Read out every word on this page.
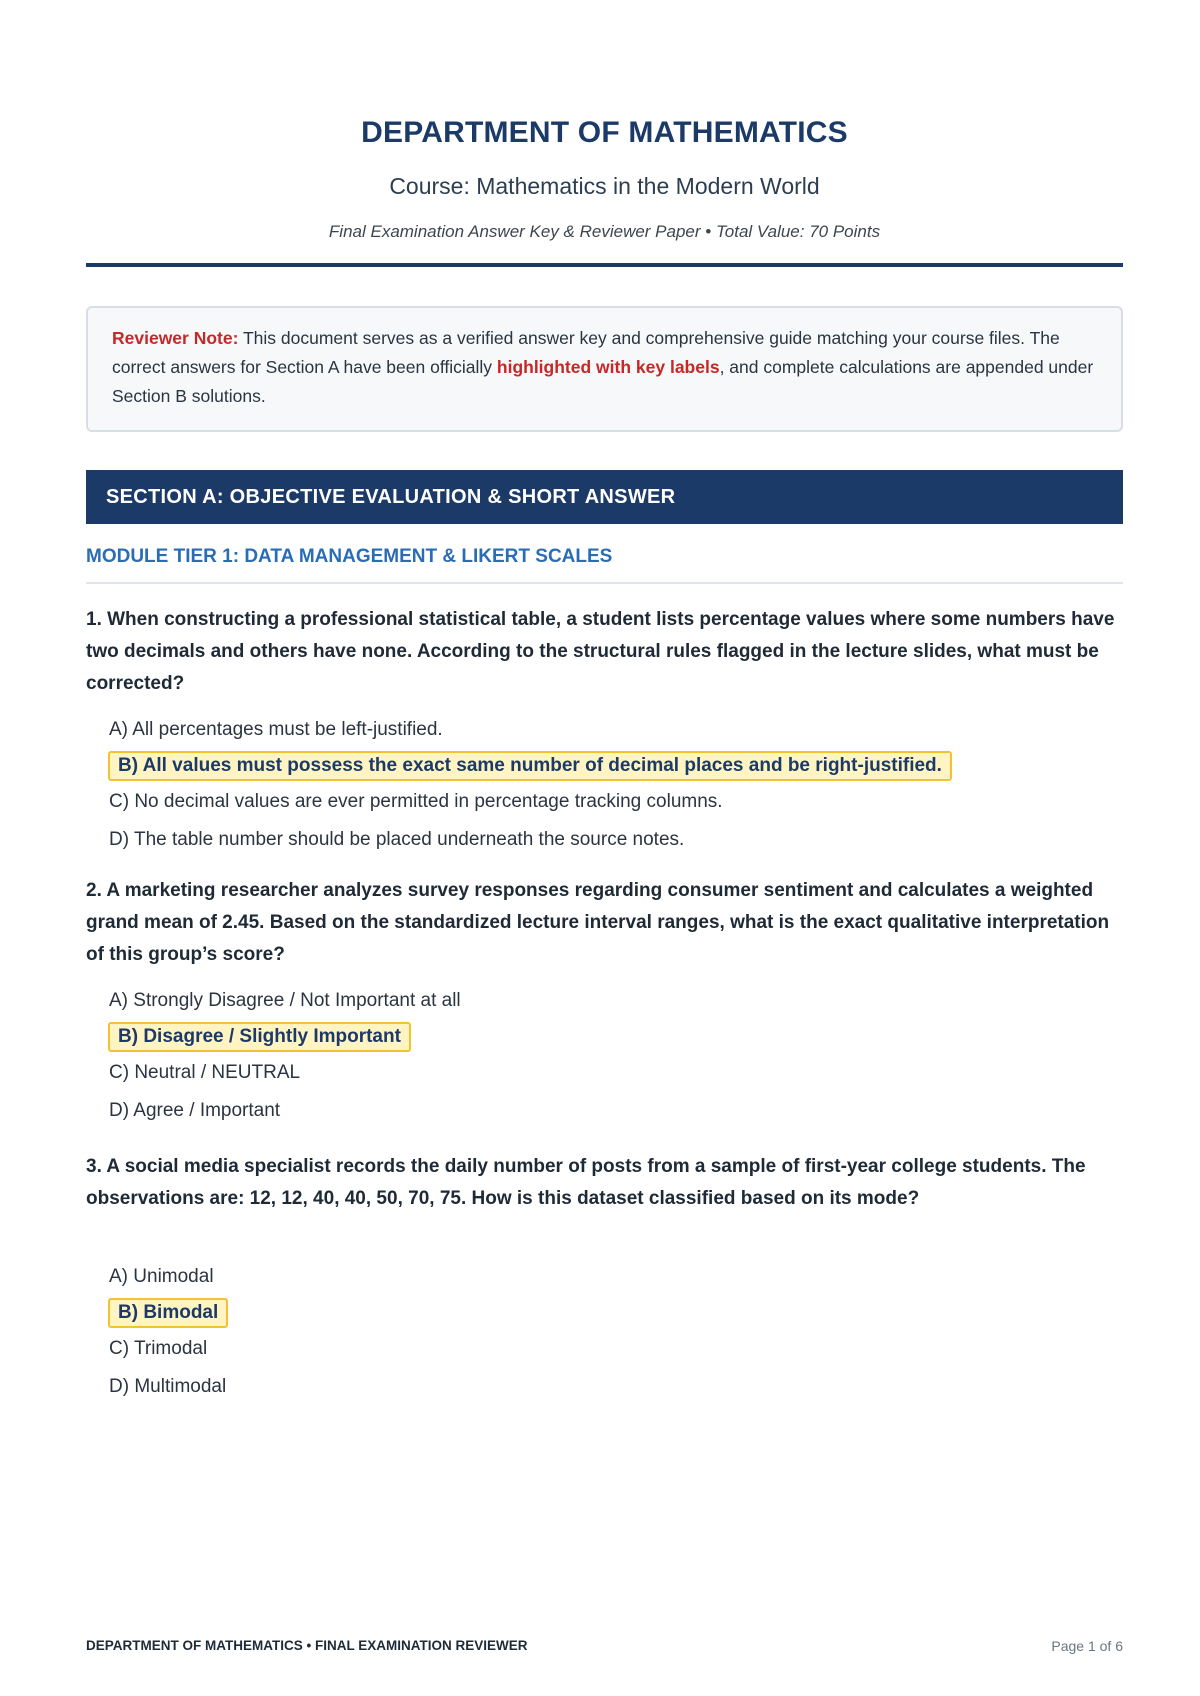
DEPARTMENT OF MATHEMATICS
Course: Mathematics in the Modern World
Final Examination Answer Key & Reviewer Paper • Total Value: 70 Points
Reviewer Note: This document serves as a verified answer key and comprehensive guide matching your course files. The correct answers for Section A have been officially highlighted with key labels, and complete calculations are appended under Section B solutions.
SECTION A: OBJECTIVE EVALUATION & SHORT ANSWER
MODULE TIER 1: DATA MANAGEMENT & LIKERT SCALES
1. When constructing a professional statistical table, a student lists percentage values where some numbers have two decimals and others have none. According to the structural rules flagged in the lecture slides, what must be corrected?
A) All percentages must be left-justified.
B) All values must possess the exact same number of decimal places and be right-justified.
C) No decimal values are ever permitted in percentage tracking columns.
D) The table number should be placed underneath the source notes.
2. A marketing researcher analyzes survey responses regarding consumer sentiment and calculates a weighted grand mean of 2.45. Based on the standardized lecture interval ranges, what is the exact qualitative interpretation of this group’s score?
A) Strongly Disagree / Not Important at all
B) Disagree / Slightly Important
C) Neutral / NEUTRAL
D) Agree / Important
3. A social media specialist records the daily number of posts from a sample of first-year college students. The observations are: 12, 12, 40, 40, 50, 70, 75. How is this dataset classified based on its mode?
A) Unimodal
B) Bimodal
C) Trimodal
D) Multimodal
DEPARTMENT OF MATHEMATICS • FINAL EXAMINATION REVIEWER	Page 1 of 6
